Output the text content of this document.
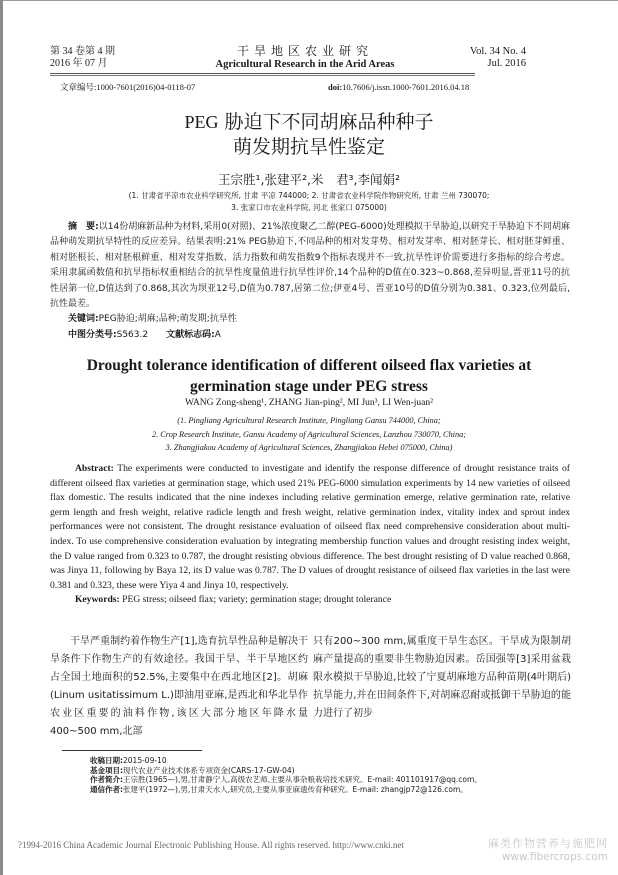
第 34 卷第 4 期
2016 年 07 月
干旱地区农业研究
Agricultural Research in the Arid Areas
Vol. 34 No. 4
Jul. 2016
文章编号:1000-7601(2016)04-0118-07	doi:10.7606/j.issn.1000-7601.2016.04.18
PEG 胁迫下不同胡麻品种种子
萌发期抗旱性鉴定
王宗胜¹,张建平²,米　君³,李闻娟²
(1. 甘肃省平凉市农业科学研究所, 甘肃 平凉 744000; 2. 甘肃省农业科学院作物研究所, 甘肃 兰州 730070;
3. 张家口市农业科学院, 河北 张家口 075000)

摘　要:以14份胡麻新品种为材料,采用0(对照)、21%浓度聚乙二醇(PEG-6000)处理模拟干旱胁迫,以研究干旱胁迫下不同胡麻品种萌发期抗旱特性的反应差异。结果表明:21% PEG胁迫下,不同品种的相对发芽势、相对发芽率、相对胚芽长、相对胚芽鲜重、相对胚根长、相对胚根鲜重、相对发芽指数、活力指数和萌发指数9个指标表现并不一致,抗旱性评价需要进行多指标的综合考虑。采用隶属函数值和抗旱指标权重相结合的抗旱性度量值进行抗旱性评价,14个品种的D值在0.323~0.868,差异明显,晋亚11号的抗性居第一位,D值达到了0.868,其次为坝亚12号,D值为0.787,居第二位;伊亚4号、晋亚10号的D值分别为0.381、0.323,位列最后,抗性最差。

关键词:PEG胁迫;胡麻;品种;萌发期;抗旱性

中图分类号:S563.2　　 文献标志码:A

Drought tolerance identification of different oilseed flax varieties at
germination stage under PEG stress
WANG Zong-sheng¹, ZHANG Jian-ping², MI Jun³, LI Wen-juan²
(1. Pingliang Agricultural Research Institute, Pingliang Gansu 744000, China;
2. Crop Research Institute, Gansu Academy of Agricultural Sciences, Lanzhou 730070, China;
3. Zhangjiakou Academy of Agricultural Sciences, Zhangjiakou Hebei 075000, China)

Abstract: The experiments were conducted to investigate and identify the response difference of drought resistance traits of different oilseed flax varieties at germination stage, which used 21% PEG-6000 simulation experiments by 14 new varieties of oilseed flax domestic. The results indicated that the nine indexes including relative germination emerge, relative germination rate, relative germ length and fresh weight, relative radicle length and fresh weight, relative germination index, vitality index and sprout index performances were not consistent. The drought resistance evaluation of oilseed flax need comprehensive consideration about multi-index. To use comprehensive consideration evaluation by integrating membership function values and drought resisting index weight, the D value ranged from 0.323 to 0.787, the drought resisting obvious difference. The best drought resisting of D value reached 0.868, was Jinya 11, following by Baya 12, its D value was 0.787. The D values of drought resistance of oilseed flax varieties in the last were 0.381 and 0.323, these were Yiya 4 and Jinya 10, respectively.

Keywords: PEG stress; oilseed flax; variety; germination stage; drought tolerance

干旱严重制约着作物生产[1],选育抗旱性品种是解决干旱条件下作物生产的有效途径。我国干旱、半干旱地区约占全国土地面积的52.5%,主要集中在西北地区[2]。胡麻(Linum usitatissimum L.)即油用亚麻,是西北和华北旱作农业区重要的油料作物,该区大部分地区年降水量400~500 mm,北部

只有200~300 mm,属重度干旱生态区。干旱成为限制胡麻产量提高的重要非生物胁迫因素。岳国强等[3]采用盆栽限水模拟干旱胁迫,比较了宁夏胡麻地方品种苗期(4叶期后)抗旱能力,并在田间条件下,对胡麻忍耐或抵御干旱胁迫的能力进行了初步

收稿日期:2015-09-10
基金项目:现代农业产业技术体系专项资金(CARS-17-GW-04)
作者简介:王宗胜(1965—),男,甘肃静宁人,高级农艺师,主要从事杂粮栽培技术研究。E-mail: 401101917@qq.com。
通信作者:张建平(1972—),男,甘肃天水人,研究员,主要从事亚麻遗传育种研究。E-mail: zhangjp72@126.com。
?1994-2016 China Academic Journal Electronic Publishing House. All rights reserved. http://www.cnki.net	麻类作物营养与施肥网
www.fibercrops.com
